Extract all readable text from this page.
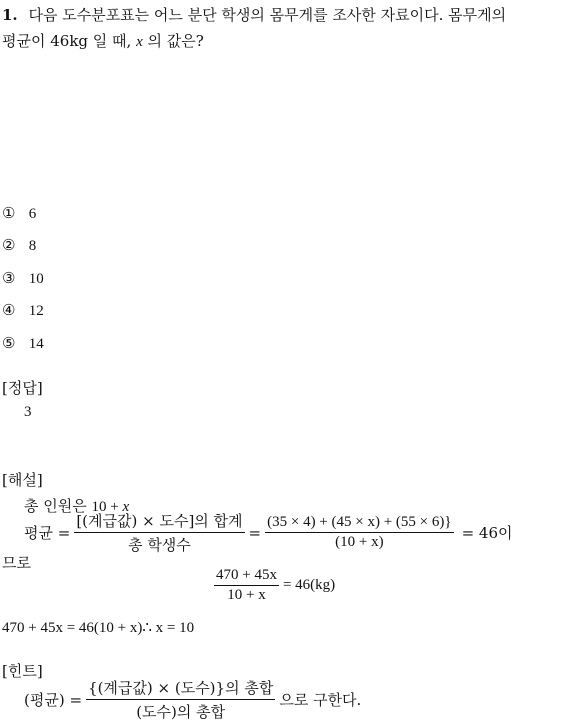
1. 다음 도수분포표는 어느 분단 학생의 몸무게를 조사한 자료이다. 몸무게의
평균이 46kg 일 때, x 의 값은?
① 6
② 8
③ 10
④ 12
⑤ 14
[정답]
3
[해설]
총 인원은 10 + x
평균 = $\frac{\text{[(계급값) × 도수]의 합계}}{\text{총 학생수}} = \frac{(35 \times 4) + (45 \times x) + (55 \times 6)\}}{(10 + x)} = 46$이
므로
$\frac{470 + 45x}{10 + x} = 46(kg)$
470 + 45x = 46(10 + x)∴ x = 10
[힌트]
(평균) = $\frac{\text{\{(계급값) × (도수)\}의 총합}}{\text{(도수)의 총합}}$ 으로 구한다.
